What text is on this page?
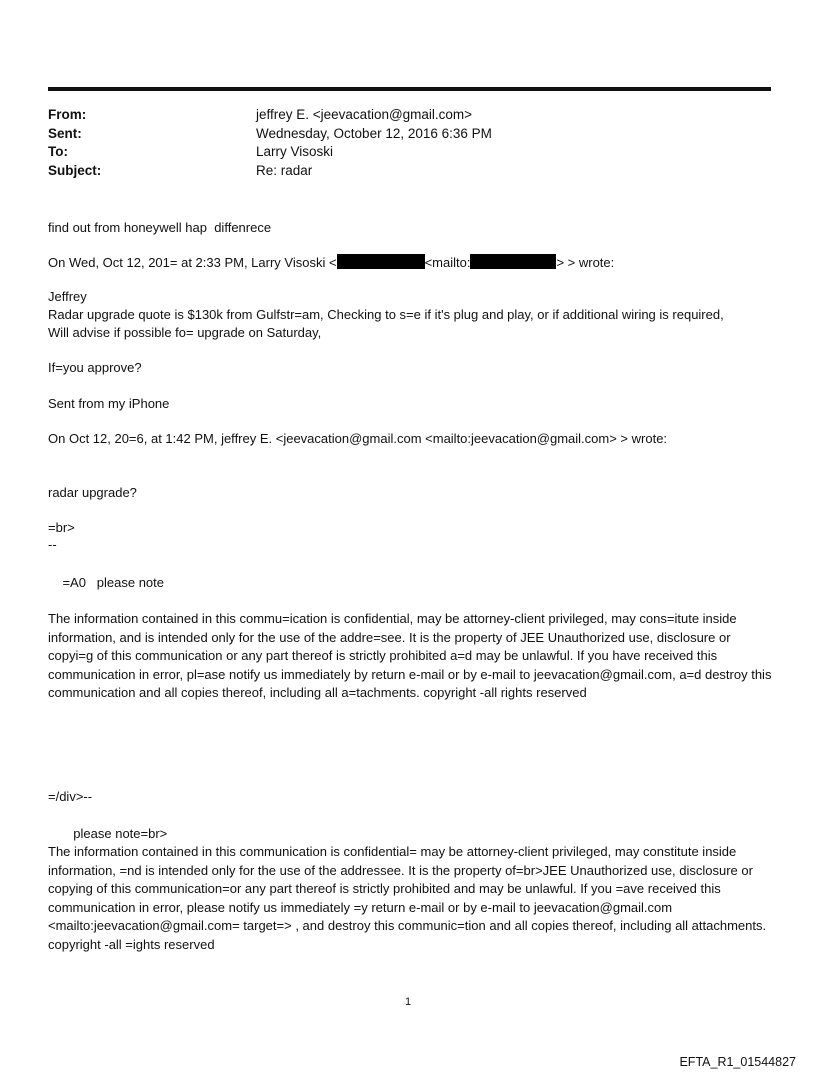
From:	jeffrey E. <jeevacation@gmail.com>
Sent:	Wednesday, October 12, 2016 6:36 PM
To:	Larry Visoski
Subject:	Re: radar
find out from honeywell hap  diffenrece
On Wed, Oct 12, 201= at 2:33 PM, Larry Visoski <	<mailto:	> > wrote:
Jeffrey
Radar upgrade quote is $130k from Gulfstr=am, Checking to s=e if it's plug and play, or if additional wiring is required,
Will advise if possible fo= upgrade on Saturday,
If=you approve?
Sent from my iPhone
On Oct 12, 20=6, at 1:42 PM, jeffrey E. <jeevacation@gmail.com <mailto:jeevacation@gmail.com> > wrote:
radar upgrade?
=br>
--
=A0   please note
The information contained in this commu=ication is confidential, may be attorney-client privileged, may cons=itute inside information, and is intended only for the use of the addre=see. It is the property of JEE Unauthorized use, disclosure or copyi=g of this communication or any part thereof is strictly prohibited a=d may be unlawful. If you have received this communication in error, pl=ase notify us immediately by return e-mail or by e-mail to jeevacation@gmail.com, a=d destroy this communication and all copies thereof, including all a=tachments. copyright -all rights reserved
=/div>--
please note=br>
The information contained in this communication is confidential= may be attorney-client privileged, may constitute inside information, =nd is intended only for the use of the addressee. It is the property of=br>JEE Unauthorized use, disclosure or copying of this communication=or any part thereof is strictly prohibited and may be unlawful. If you =ave received this communication in error, please notify us immediately =y return e-mail or by e-mail to jeevacation@gmail.com <mailto:jeevacation@gmail.com= target=> , and destroy this communic=tion and all copies thereof, including all attachments. copyright -all =ights reserved
1
EFTA_R1_01544827
